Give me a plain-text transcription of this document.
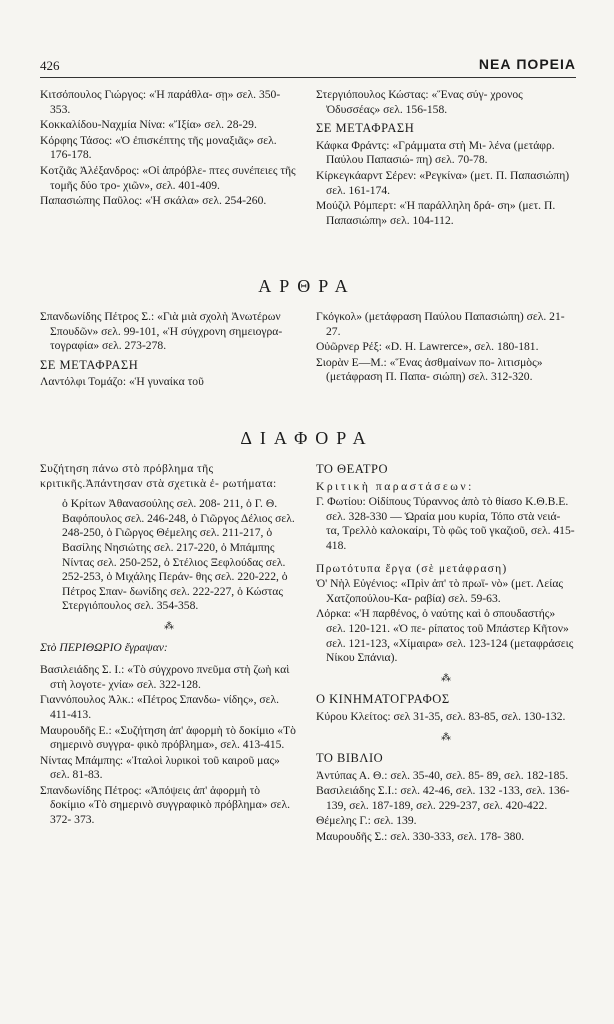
426	ΝΕΑ ΠΟΡΕΙΑ

Κιτσόπουλος Γιώργος: «Ἡ παράθλα- σῃ» σελ. 350-353.

Κοκκαλίδου-Ναχμία Νίνα: «Ἴξία» σελ. 28-29.

Κόρφης Τάσος: «Ὁ ἐπισκέπτης τῆς μοναξιᾶς» σελ. 176-178.

Κοτζιᾶς Ἀλέξανδρος: «Οἱ ἀπρόβλε- πτες συνέπειες τῆς τομῆς δύο τρο- χιῶν», σελ. 401-409.

Παπασιώπης Παῦλος: «Ἡ σκάλα» σελ. 254-260.

Στεργιόπουλος Κώστας: «Ἕνας σύγ- χρονος Ὀδυσσέας» σελ. 156-158.

ΣΕ ΜΕΤΑΦΡΑΣΗ

Κάφκα Φράντς: «Γράμματα στὴ Μι- λένα (μετάφρ. Παύλου Παπασιώ- πη) σελ. 70-78.

Κίρκεγκάαρντ Σέρεν: «Ρεγκίνα» (μετ. Π. Παπασιώπη) σελ. 161-174.

Μούζιλ Ρόμπερτ: «Ἡ παράλληλη δρά- ση» (μετ. Π. Παπασιώπη» σελ. 104-112.

ΑΡΘΡΑ

Σπανδωνίδης Πέτρος Σ.: «Γιὰ μιὰ σχολὴ Ἀνωτέρων Σπουδῶν» σελ. 99-101, «Ἡ σύγχρονη σημειογρα- τογραφία» σελ. 273-278.

ΣΕ ΜΕΤΑΦΡΑΣΗ

Λαντόλφι Τομάζο: «Ἡ γυναίκα τοῦ

Γκόγκολ» (μετάφραση Παύλου Παπασιώπη) σελ. 21-27.

Οὐῶρνερ Ρέξ: «D. H. Lawrerce», σελ. 180-181.

Σιορὰν Ε—Μ.: «Ἕνας ἀσθμαίνων πο- λιτισμὸς» (μετάφραση Π. Παπα- σιώπη) σελ. 312-320.

ΔΙΑΦΟΡΑ

Συζήτηση πάνω στὸ πρόβλημα τῆς κριτικῆς.Ἀπάντησαν στὰ σχετικὰ ἐ- ρωτήματα:

ὁ Κρίτων Ἀθανασούλης σελ. 208- 211, ὁ Γ. Θ. Βαφόπουλος σελ. 246-248, ὁ Γιῶργος Δέλιος σελ. 248-250, ὁ Γιῶργος Θέμελης σελ. 211-217, ὁ Βασίλης Νησιώτης σελ. 217-220, ὁ Μπάμπης Νίντας σελ. 250-252, ὁ Στέλιος Ξεφλούδας σελ. 252-253, ὁ Μιχάλης Περάν- θης σελ. 220-222, ὁ Πέτρος Σπαν- δωνίδης σελ. 222-227, ὁ Κώστας Στεργιόπουλος σελ. 354-358.

⁂

Στὸ ΠΕΡΙΘΩΡΙΟ ἔγραψαν:

Βασιλειάδης Σ. Ι.: «Τὸ σύγχρονο πνεῦμα στὴ ζωὴ καὶ στὴ λογοτε- χνία» σελ. 322-128.

Γιαννόπουλος Ἀλκ.: «Πέτρος Σπανδω- νίδης», σελ. 411-413.

Μαυρουδῆς Ε.: «Συζήτηση ἀπ' ἀφορμὴ τὸ δοκίμιο «Τὸ σημερινὸ συγγρα- φικὸ πρόβλημα», σελ. 413-415.

Νίντας Μπάμπης: «Ἰταλοὶ λυρικοὶ τοῦ καιροῦ μας» σελ. 81-83.

Σπανδωνίδης Πέτρος: «Ἀπόψεις ἀπ' ἀφορμὴ τὸ δοκίμιο «Τὸ σημερινὸ συγγραφικὸ πρόβλημα» σελ. 372- 373.

ΤΟ ΘΕΑΤΡΟ

Κριτικὴ παραστάσεων:

Γ. Φωτίου: Οἰδίπους Τύραννος ἀπὸ τὸ θίασο Κ.Θ.Β.Ε. σελ. 328-330 — Ὡραία μου κυρία, Τόπο στὰ νειά- τα, Τρελλὸ καλοκαίρι, Τὸ φῶς τοῦ γκαζιοῦ, σελ. 415-418.

Πρωτότυπα ἔργα (σὲ μετάφραση)

Ὁ' Νὴλ Εὐγένιος: «Πρὶν ἀπ' τὸ πρωϊ- νὸ» (μετ. Λείας Χατζοπούλου-Κα- ραβία) σελ. 59-63.

Λόρκα: «Ἡ παρθένος, ὁ ναύτης καὶ ὁ σπουδαστής» σελ. 120-121. «Ὁ πε- ρίπατος τοῦ Μπάστερ Κῆτον» σελ. 121-123, «Χίμαιρα» σελ. 123-124 (μεταφράσεις Νίκου Σπάνια).

⁂
Ο ΚΙΝΗΜΑΤΟΓΡΑΦΟΣ

Κύρου Κλείτος: σελ 31-35, σελ. 83-85, σελ. 130-132.

⁂
ΤΟ ΒΙΒΛΙΟ

Ἀντύπας Α. Θ.: σελ. 35-40, σελ. 85- 89, σελ. 182-185.

Βασιλειάδης Σ.Ι.: σελ. 42-46, σελ. 132 -133, σελ. 136-139, σελ. 187-189, σελ. 229-237, σελ. 420-422.

Θέμελης Γ.: σελ. 139.

Μαυρουδῆς Σ.: σελ. 330-333, σελ. 178- 380.
